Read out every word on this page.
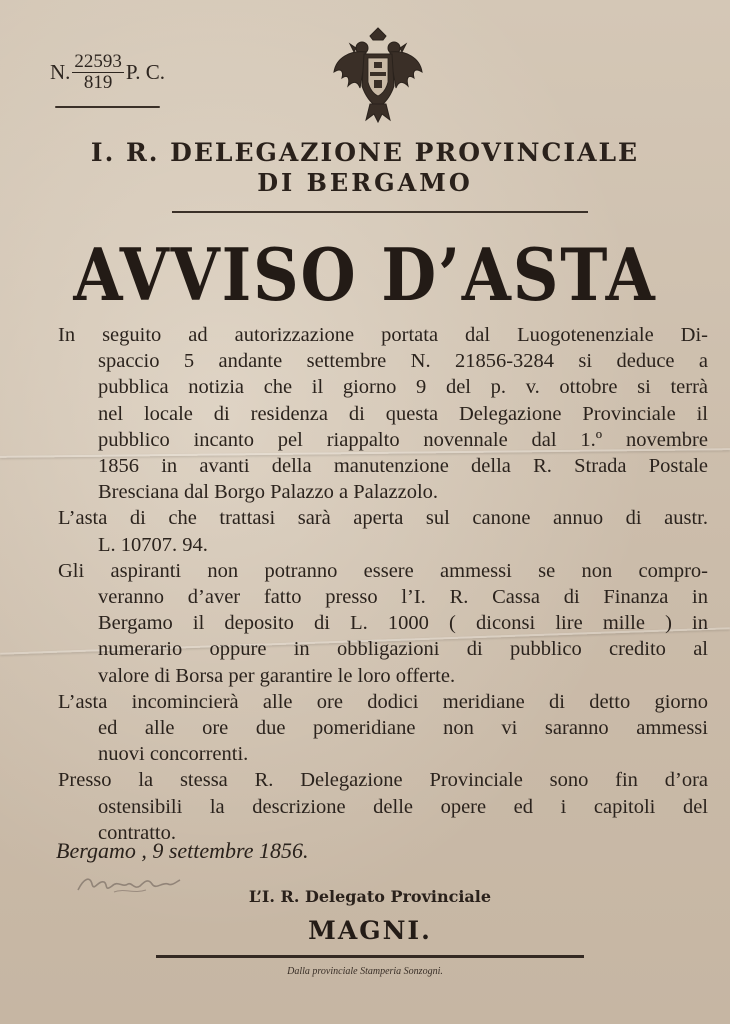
N. $\frac{22593}{819} P$. C.
I. R. DELEGAZIONE PROVINCIALE
DI BERGAMO
AVVISO D’ASTA

In seguito ad autorizzazione portata dal Luogotenenziale Di-
spaccio 5 andante settembre N. 21856-3284 si deduce a
pubblica notizia che il giorno 9 del p. v. ottobre si terrà
nel locale di residenza di questa Delegazione Provinciale il
pubblico incanto pel riappalto novennale dal 1.º novembre
1856 in avanti della manutenzione della R. Strada Postale
Bresciana dal Borgo Palazzo a Palazzolo.

L’asta di che trattasi sarà aperta sul canone annuo di austr.
L. 10707. 94.

Gli aspiranti non potranno essere ammessi se non compro-
veranno d’aver fatto presso l’I. R. Cassa di Finanza in
Bergamo il deposito di L. 1000 ( diconsi lire mille ) in
numerario oppure in obbligazioni di pubblico credito al
valore di Borsa per garantire le loro offerte.

L’asta incomincierà alle ore dodici meridiane di detto giorno
ed alle ore due pomeridiane non vi saranno ammessi
nuovi concorrenti.

Presso la stessa R. Delegazione Provinciale sono fin d’ora
ostensibili la descrizione delle opere ed i capitoli del
contratto.

Bergamo , 9 settembre 1856.
L’I. R. Delegato Provinciale
MAGNI.
Dalla provinciale Stamperia Sonzogni.
